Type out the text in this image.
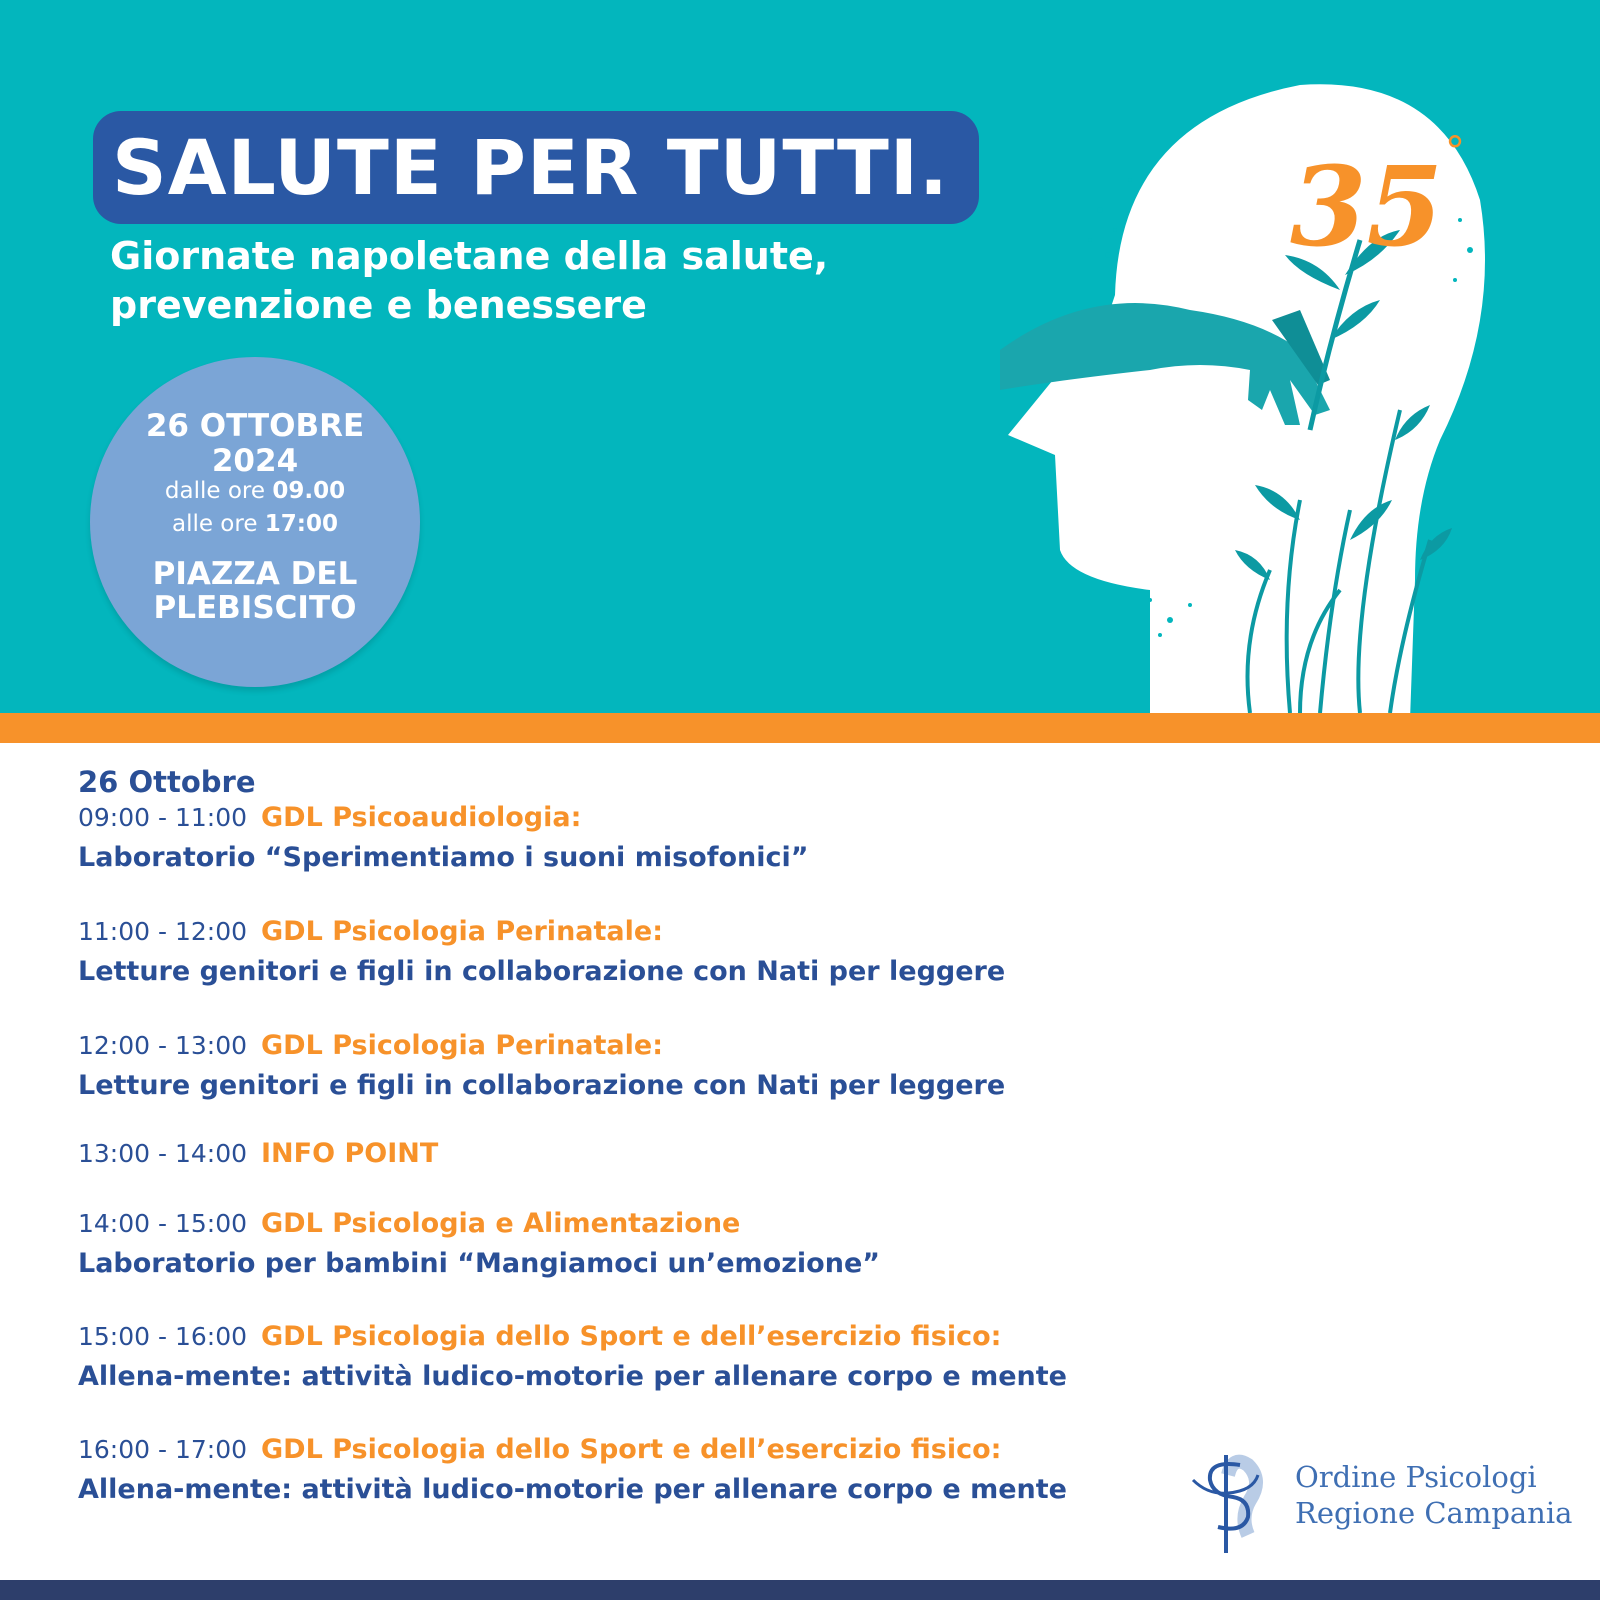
SALUTE PER TUTTI.
Giornate napoletane della salute,
prevenzione e benessere
26 OTTOBRE
2024
dalle ore 09.00
alle ore 17:00
PIAZZA DEL
PLEBISCITO
35 °
26 Ottobre
09:00 - 11:00 GDL Psicoaudiologia:
Laboratorio “Sperimentiamo i suoni misofonici”
11:00 - 12:00 GDL Psicologia Perinatale:
Letture genitori e figli in collaborazione con Nati per leggere
12:00 - 13:00 GDL Psicologia Perinatale:
Letture genitori e figli in collaborazione con Nati per leggere
13:00 - 14:00 INFO POINT
14:00 - 15:00 GDL Psicologia e Alimentazione
Laboratorio per bambini “Mangiamoci un’emozione”
15:00 - 16:00 GDL Psicologia dello Sport e dell’esercizio fisico:
Allena-mente: attività ludico-motorie per allenare corpo e mente
16:00 - 17:00 GDL Psicologia dello Sport e dell’esercizio fisico:
Allena-mente: attività ludico-motorie per allenare corpo e mente	Ordine Psicologi
Regione Campania
